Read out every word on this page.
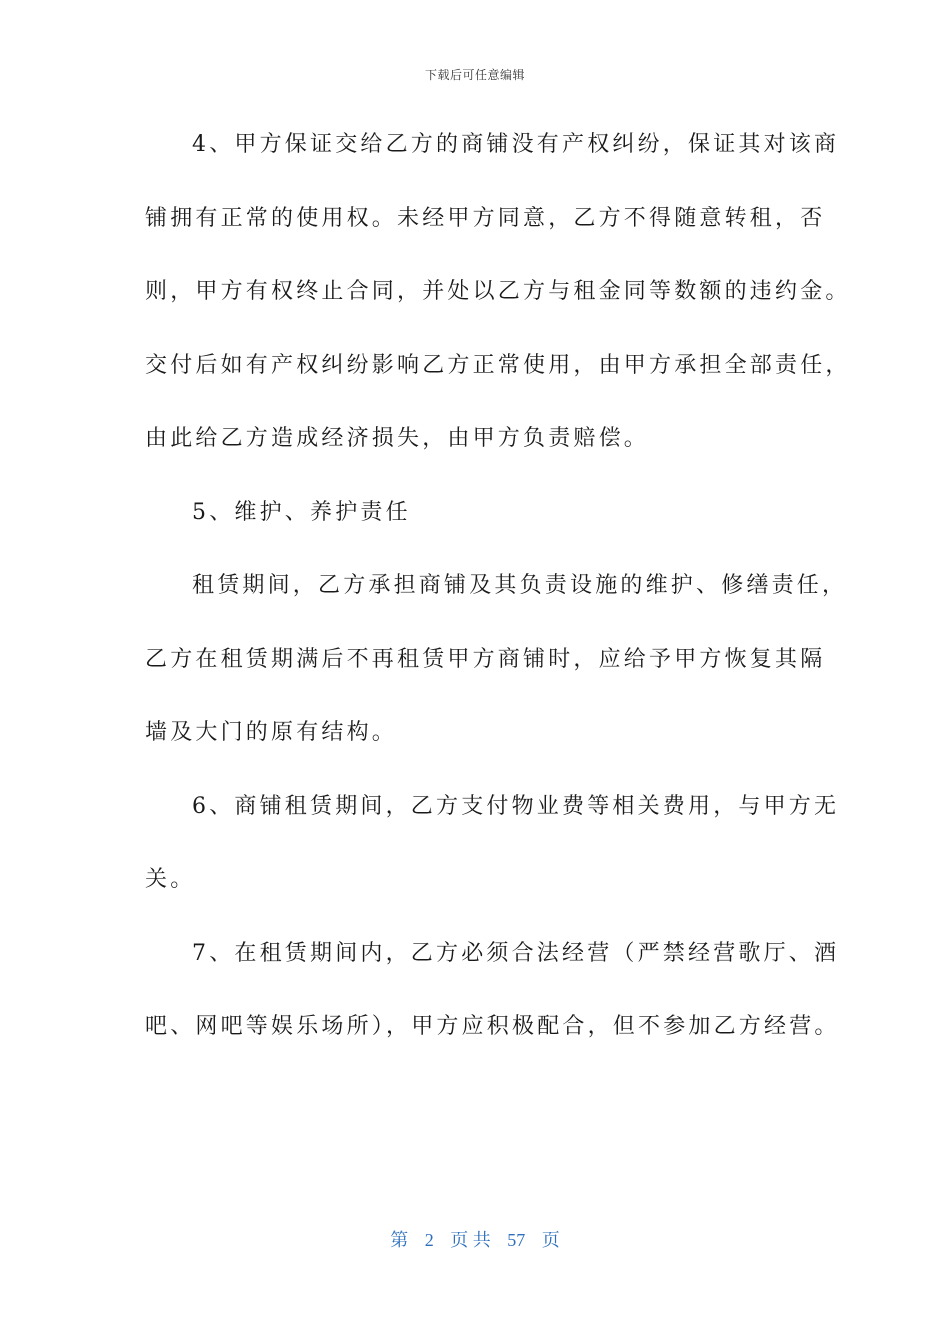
下载后可任意编辑
4、甲方保证交给乙方的商铺没有产权纠纷，保证其对该商
铺拥有正常的使用权。未经甲方同意，乙方不得随意转租，否
则，甲方有权终止合同，并处以乙方与租金同等数额的违约金。
交付后如有产权纠纷影响乙方正常使用，由甲方承担全部责任，
由此给乙方造成经济损失，由甲方负责赔偿。
5、维护、养护责任
租赁期间，乙方承担商铺及其负责设施的维护、修缮责任，
乙方在租赁期满后不再租赁甲方商铺时，应给予甲方恢复其隔
墙及大门的原有结构。
6、商铺租赁期间，乙方支付物业费等相关费用，与甲方无
关。
7、在租赁期间内，乙方必须合法经营（严禁经营歌厅、酒
吧、网吧等娱乐场所），甲方应积极配合，但不参加乙方经营。
第 2 页 共 57 页
